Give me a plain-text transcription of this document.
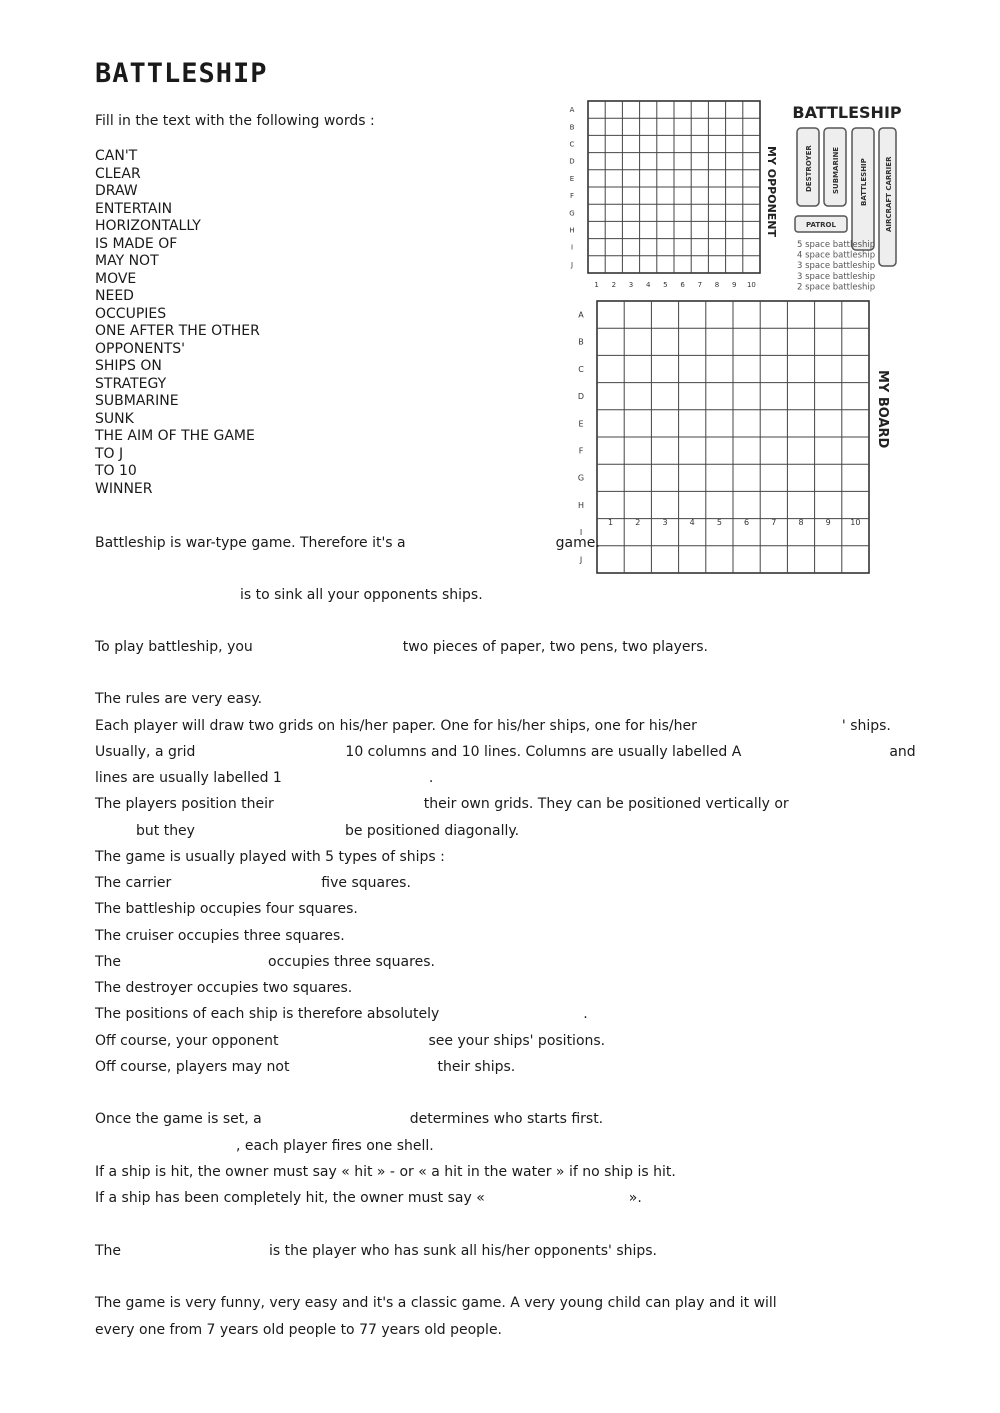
BATTLESHIP
Fill in the text with the following words :
CAN'T
CLEAR
DRAW
ENTERTAIN
HORIZONTALLY
IS MADE OF
MAY NOT
MOVE
NEED
OCCUPIES
ONE AFTER THE OTHER
OPPONENTS'
SHIPS ON
STRATEGY
SUBMARINE
SUNK
THE AIM OF THE GAME
TO J
TO 10
WINNER
A
B
C
D
E
F
G
H
I
J
1 2 3 4 5 6 7 8 9 10
A
B
C
D
E
F
G
H
I
J
1	2	3	4	5	6	7	8	9 10
BATTLESHIP
MY OPPONENT
MY BOARD
DESTROYER	SUBMARINE	BATTLESHIP AIRCRAFT CARRIER
PATROL
5 space battleship
4 space battleship
3 space battleship
3 space battleship
2 space battleship
Battleship is war-type game. Therefore it's a	game.
is to sink all your opponents ships.
To play battleship, you	two pieces of paper, two pens, two players.
The rules are very easy.
Each player will draw two grids on his/her paper. One for his/her ships, one for his/her	' ships.
Usually, a grid	10 columns and 10 lines. Columns are usually labelled A	and
lines are usually labelled 1	.
The players position their	their own grids. They can be positioned vertically or
but they	be positioned diagonally.
The game is usually played with 5 types of ships :
The carrier	five squares.
The battleship occupies four squares.
The cruiser occupies three squares.
The	occupies three squares.
The destroyer occupies two squares.
The positions of each ship is therefore absolutely	.
Off course, your opponent	see your ships' positions.
Off course, players may not	their ships.
Once the game is set, a	determines who starts first.
, each player fires one shell.
If a ship is hit, the owner must say « hit » - or « a hit in the water » if no ship is hit.
If a ship has been completely hit, the owner must say «	».
The	is the player who has sunk all his/her opponents' ships.
The game is very funny, very easy and it's a classic game. A very young child can play and it will
every one from 7 years old people to 77 years old people.
